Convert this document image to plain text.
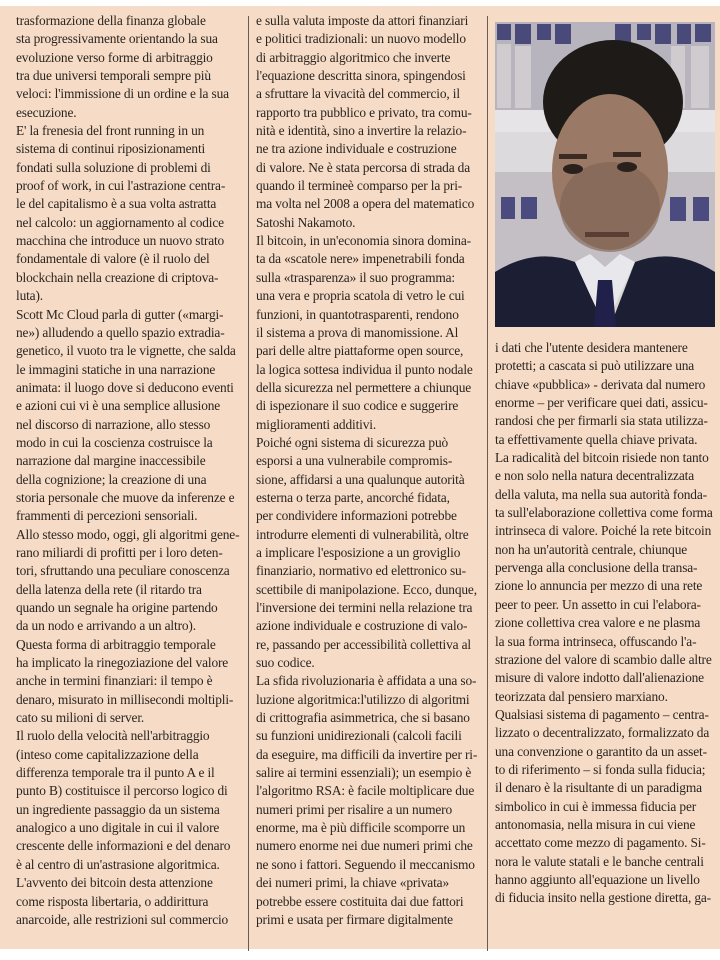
trasformazione della finanza globale

sta progressivamente orientando la sua

evoluzione verso forme di arbitraggio

tra due universi temporali sempre più

veloci: l'immissione di un ordine e la sua

esecuzione.

E' la frenesia del front running in un

sistema di continui riposizionamenti

fondati sulla soluzione di problemi di

proof of work, in cui l'astrazione centra-

le del capitalismo è a sua volta astratta

nel calcolo: un aggiornamento al codice

macchina che introduce un nuovo strato

fondamentale di valore (è il ruolo del

blockchain nella creazione di criptova-

luta).

Scott Mc Cloud parla di gutter («margi-

ne») alludendo a quello spazio extradia-

genetico, il vuoto tra le vignette, che salda

le immagini statiche in una narrazione

animata: il luogo dove si deducono eventi

e azioni cui vi è una semplice allusione

nel discorso di narrazione, allo stesso

modo in cui la coscienza costruisce la

narrazione dal margine inaccessibile

della cognizione; la creazione di una

storia personale che muove da inferenze e

frammenti di percezioni sensoriali.

Allo stesso modo, oggi, gli algoritmi gene-

rano miliardi di profitti per i loro deten-

tori, sfruttando una peculiare conoscenza

della latenza della rete (il ritardo tra

quando un segnale ha origine partendo

da un nodo e arrivando a un altro).

Questa forma di arbitraggio temporale

ha implicato la rinegoziazione del valore

anche in termini finanziari: il tempo è

denaro, misurato in millisecondi moltipli-

cato su milioni di server.

Il ruolo della velocità nell'arbitraggio

(inteso come capitalizzazione della

differenza temporale tra il punto A e il

punto B) costituisce il percorso logico di

un ingrediente passaggio da un sistema

analogico a uno digitale in cui il valore

crescente delle informazioni e del denaro

è al centro di un'astrasione algoritmica.

L'avvento dei bitcoin desta attenzione

come risposta libertaria, o addirittura

anarcoide, alle restrizioni sul commercio

e sulla valuta imposte da attori finanziari

e politici tradizionali: un nuovo modello

di arbitraggio algoritmico che inverte

l'equazione descritta sinora, spingendosi

a sfruttare la vivacità del commercio, il

rapporto tra pubblico e privato, tra comu-

nità e identità, sino a invertire la relazio-

ne tra azione individuale e costruzione

di valore. Ne è stata percorsa di strada da

quando il termineè comparso per la pri-

ma volta nel 2008 a opera del matematico

Satoshi Nakamoto.

Il bitcoin, in un'economia sinora domina-

ta da «scatole nere» impenetrabili fonda

sulla «trasparenza» il suo programma:

una vera e propria scatola di vetro le cui

funzioni, in quantotrasparenti, rendono

il sistema a prova di manomissione. Al

pari delle altre piattaforme open source,

la logica sottesa individua il punto nodale

della sicurezza nel permettere a chiunque

di ispezionare il suo codice e suggerire

miglioramenti additivi.

Poiché ogni sistema di sicurezza può

esporsi a una vulnerabile compromis-

sione, affidarsi a una qualunque autorità

esterna o terza parte, ancorché fidata,

per condividere informazioni potrebbe

introdurre elementi di vulnerabilità, oltre

a implicare l'esposizione a un groviglio

finanziario, normativo ed elettronico su-

scettibile di manipolazione. Ecco, dunque,

l'inversione dei termini nella relazione tra

azione individuale e costruzione di valo-

re, passando per accessibilità collettiva al

suo codice.

La sfida rivoluzionaria è affidata a una so-

luzione algoritmica:l'utilizzo di algoritmi

di crittografia asimmetrica, che si basano

su funzioni unidirezionali (calcoli facili

da eseguire, ma difficili da invertire per ri-

salire ai termini essenziali); un esempio è

l'algoritmo RSA: è facile moltiplicare due

numeri primi per risalire a un numero

enorme, ma è più difficile scomporre un

numero enorme nei due numeri primi che

ne sono i fattori. Seguendo il meccanismo

dei numeri primi, la chiave «privata»

potrebbe essere costituita dai due fattori

primi e usata per firmare digitalmente

i dati che l'utente desidera mantenere

protetti; a cascata si può utilizzare una

chiave «pubblica» - derivata dal numero

enorme – per verificare quei dati, assicu-

randosi che per firmarli sia stata utilizza-

ta effettivamente quella chiave privata.

La radicalità del bitcoin risiede non tanto

e non solo nella natura decentralizzata

della valuta, ma nella sua autorità fonda-

ta sull'elaborazione collettiva come forma

intrinseca di valore. Poiché la rete bitcoin

non ha un'autorità centrale, chiunque

pervenga alla conclusione della transa-

zione lo annuncia per mezzo di una rete

peer to peer. Un assetto in cui l'elabora-

zione collettiva crea valore e ne plasma

la sua forma intrinseca, offuscando l'a-

strazione del valore di scambio dalle altre

misure di valore indotto dall'alienazione

teorizzata dal pensiero marxiano.

Qualsiasi sistema di pagamento – centra-

lizzato o decentralizzato, formalizzato da

una convenzione o garantito da un asset-

to di riferimento – si fonda sulla fiducia;

il denaro è la risultante di un paradigma

simbolico in cui è immessa fiducia per

antonomasia, nella misura in cui viene

accettato come mezzo di pagamento. Si-

nora le valute statali e le banche centrali

hanno aggiunto all'equazione un livello

di fiducia insito nella gestione diretta, ga-
